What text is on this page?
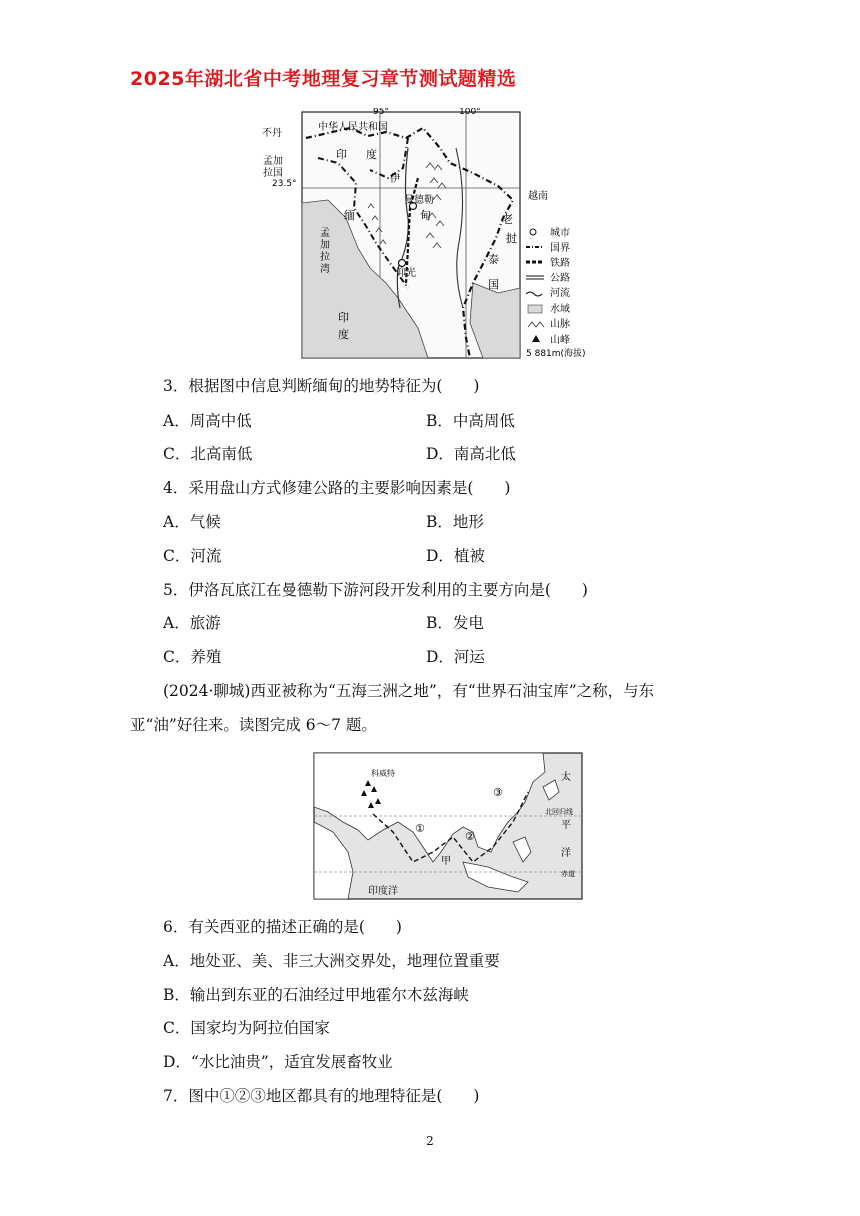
2025年湖北省中考地理复习章节测试题精选
95°	100°
23.5°
中华人民共和国
不丹
孟加
拉国
印 度
伊
缅	甸
曼德勒
仰光
越南
老
挝
泰
国
孟
加
拉
湾
印
度
城市
国界
铁路
公路
河流
水域
山脉
山峰
5 881m(海拔)
3．根据图中信息判断缅甸的地势特征为(　　)
A．周高中低	B．中高周低
C．北高南低	D．南高北低
4．采用盘山方式修建公路的主要影响因素是(　　)
A．气候	B．地形
C．河流	D．植被
5．伊洛瓦底江在曼德勒下游河段开发利用的主要方向是(　　)
A．旅游	B．发电
C．养殖	D．河运
(2024·聊城)西亚被称为“五海三洲之地”，有“世界石油宝库”之称，与东
亚“油”好往来。读图完成 6～7 题。
科威特
①
②
③
甲
印度洋
太
平
洋
北回归线
赤道
6．有关西亚的描述正确的是(　　)
A．地处亚、美、非三大洲交界处，地理位置重要
B．输出到东亚的石油经过甲地霍尔木兹海峡
C．国家均为阿拉伯国家
D．“水比油贵”，适宜发展畜牧业
7．图中①②③地区都具有的地理特征是(　　)
2
